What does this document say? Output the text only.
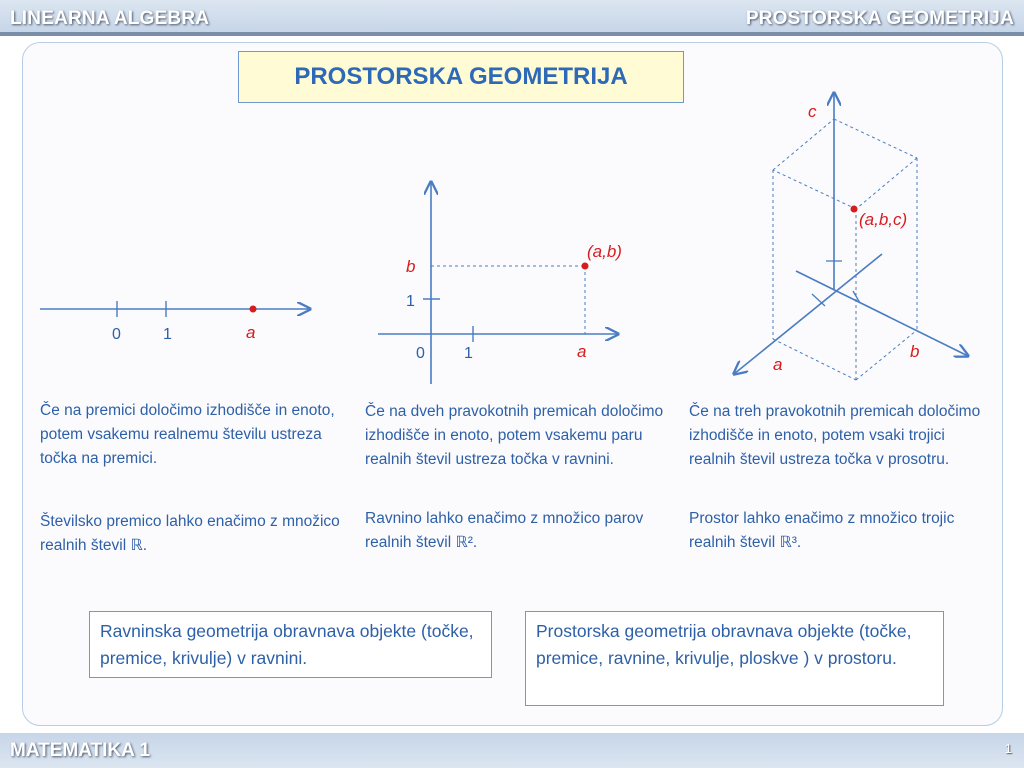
LINEARNA ALGEBRA	PROSTORSKA GEOMETRIJA
PROSTORSKA GEOMETRIJA
0	1	a
0 1
1
a
b
(a,b)
c
(a,b,c)
a
b
Če na premici določimo izhodišče in enoto, potem vsakemu realnemu številu ustreza točka na premici.
Številsko premico lahko enačimo z množico realnih števil ℝ.
Če na dveh pravokotnih premicah določimo izhodišče in enoto, potem vsakemu paru realnih števil ustreza točka v ravnini.
Ravnino lahko enačimo z množico parov realnih števil ℝ².
Če na treh pravokotnih premicah določimo izhodišče in enoto, potem vsaki trojici realnih števil ustreza točka v prosotru.
Prostor lahko enačimo z množico trojic realnih števil ℝ³.
Ravninska geometrija obravnava objekte (točke, premice, krivulje) v ravnini.
Prostorska geometrija obravnava objekte (točke, premice, ravnine, krivulje, ploskve ) v prostoru.
MATEMATIKA 1	1
